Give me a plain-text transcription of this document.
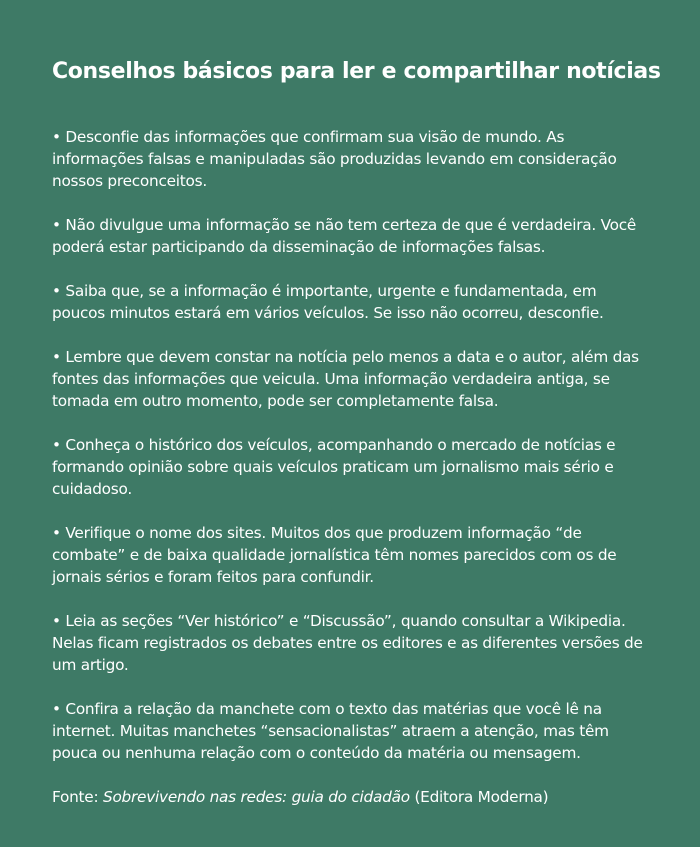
Conselhos básicos para ler e compartilhar notícias

• Desconfie das informações que confirmam sua visão de mundo. As informações falsas e manipuladas são produzidas levando em consideração nossos preconceitos.

• Não divulgue uma informação se não tem certeza de que é verdadeira. Você poderá estar participando da disseminação de informações falsas.

• Saiba que, se a informação é importante, urgente e fundamentada, em poucos minutos estará em vários veículos. Se isso não ocorreu, desconfie.

• Lembre que devem constar na notícia pelo menos a data e o autor, além das fontes das informações que veicula. Uma informação verdadeira antiga, se tomada em outro momento, pode ser completamente falsa.

• Conheça o histórico dos veículos, acompanhando o mercado de notícias e formando opinião sobre quais veículos praticam um jornalismo mais sério e cuidadoso.

• Verifique o nome dos sites. Muitos dos que produzem informação “de combate” e de baixa qualidade jornalística têm nomes parecidos com os de jornais sérios e foram feitos para confundir.

• Leia as seções “Ver histórico” e “Discussão”, quando consultar a Wikipedia. Nelas ficam registrados os debates entre os editores e as diferentes versões de um artigo.

• Confira a relação da manchete com o texto das matérias que você lê na internet. Muitas manchetes “sensacionalistas” atraem a atenção, mas têm pouca ou nenhuma relação com o conteúdo da matéria ou mensagem.

Fonte: Sobrevivendo nas redes: guia do cidadão (Editora Moderna)
